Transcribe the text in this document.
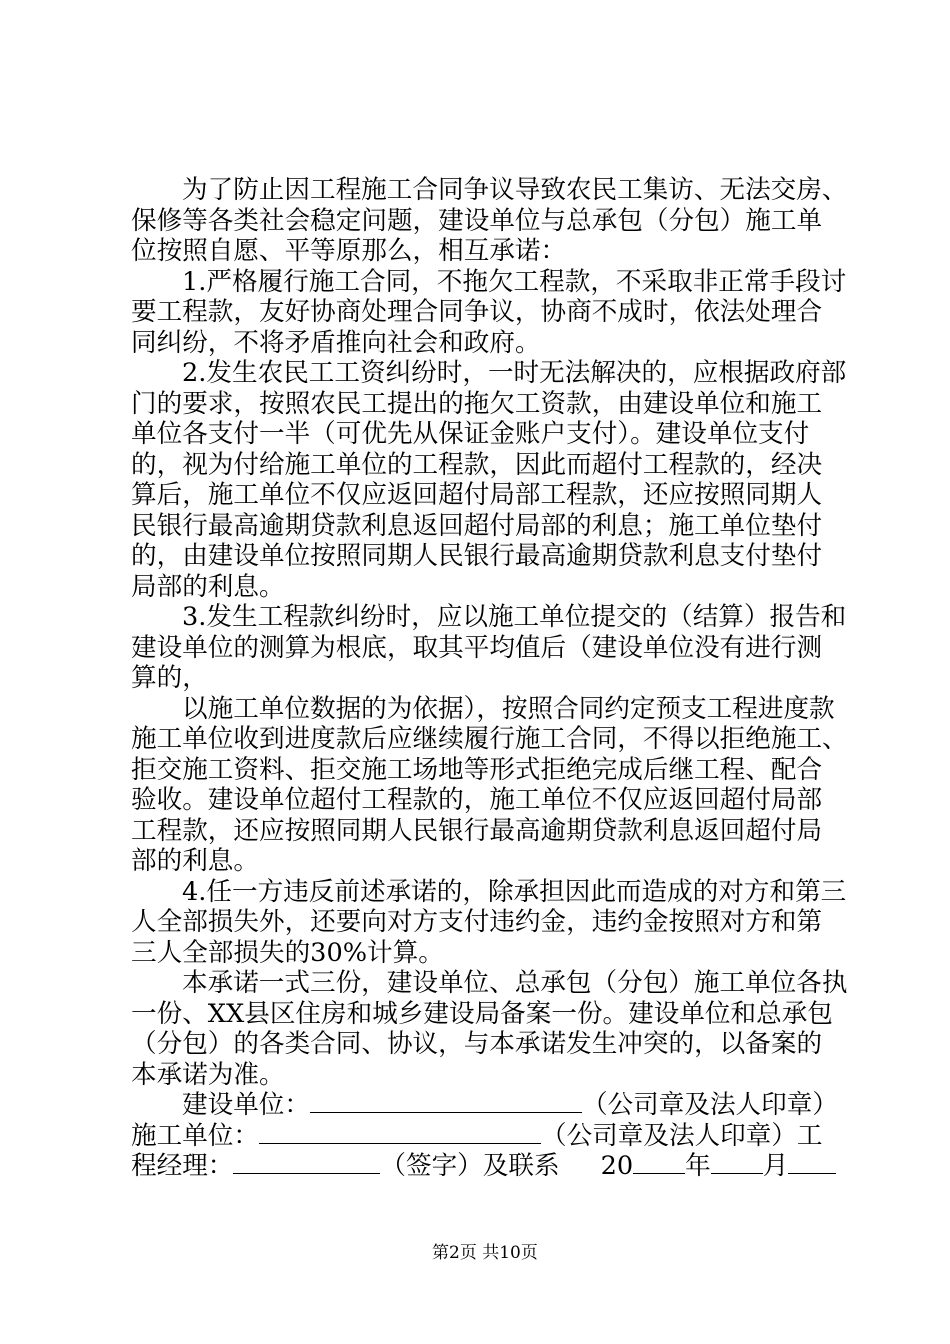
为了防止因工程施工合同争议导致农民工集访、无法交房、
保修等各类社会稳定问题，建设单位与总承包（分包）施工单
位按照自愿、平等原那么，相互承诺：
1.严格履行施工合同，不拖欠工程款，不采取非正常手段讨
要工程款，友好协商处理合同争议，协商不成时，依法处理合
同纠纷，不将矛盾推向社会和政府。
2.发生农民工工资纠纷时，一时无法解决的，应根据政府部
门的要求，按照农民工提出的拖欠工资款，由建设单位和施工
单位各支付一半（可优先从保证金账户支付）。建设单位支付
的，视为付给施工单位的工程款，因此而超付工程款的，经决
算后，施工单位不仅应返回超付局部工程款，还应按照同期人
民银行最高逾期贷款利息返回超付局部的利息；施工单位垫付
的，由建设单位按照同期人民银行最高逾期贷款利息支付垫付
局部的利息。
3.发生工程款纠纷时，应以施工单位提交的（结算）报告和
建设单位的测算为根底，取其平均值后（建设单位没有进行测
算的，
以施工单位数据的为依据），按照合同约定预支工程进度款
施工单位收到进度款后应继续履行施工合同，不得以拒绝施工、
拒交施工资料、拒交施工场地等形式拒绝完成后继工程、配合
验收。建设单位超付工程款的，施工单位不仅应返回超付局部
工程款，还应按照同期人民银行最高逾期贷款利息返回超付局
部的利息。
4.任一方违反前述承诺的，除承担因此而造成的对方和第三
人全部损失外，还要向对方支付违约金，违约金按照对方和第
三人全部损失的30%计算。
本承诺一式三份，建设单位、总承包（分包）施工单位各执
一份、XX县区住房和城乡建设局备案一份。建设单位和总承包
（分包）的各类合同、协议，与本承诺发生冲突的，以备案的
本承诺为准。
建设单位：	（公司章及法人印章）
施工单位：	（公司章及法人印章）工
程经理：	（签字）及联系 20 年 月
第2页 共10页
